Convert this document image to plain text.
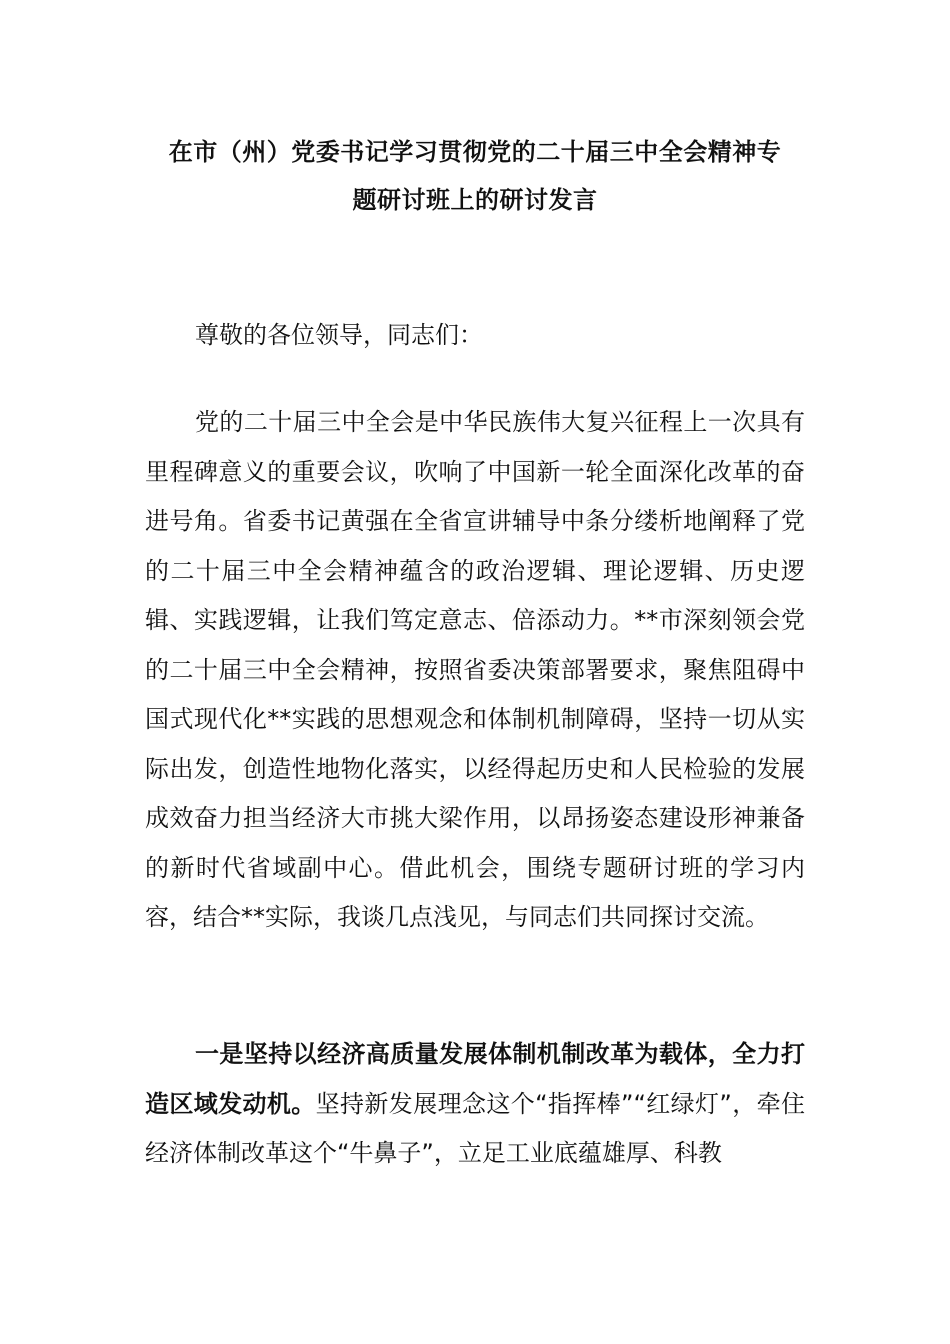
在市（州）党委书记学习贯彻党的二十届三中全会精神专
题研讨班上的研讨发言

尊敬的各位领导，同志们：

党的二十届三中全会是中华民族伟大复兴征程上一次具有里程碑意义的重要会议，吹响了中国新一轮全面深化改革的奋进号角。省委书记黄强在全省宣讲辅导中条分缕析地阐释了党的二十届三中全会精神蕴含的政治逻辑、理论逻辑、历史逻辑、实践逻辑，让我们笃定意志、倍添动力。**市深刻领会党的二十届三中全会精神，按照省委决策部署要求，聚焦阻碍中国式现代化**实践的思想观念和体制机制障碍，坚持一切从实际出发，创造性地物化落实，以经得起历史和人民检验的发展成效奋力担当经济大市挑大梁作用，以昂扬姿态建设形神兼备的新时代省域副中心。借此机会，围绕专题研讨班的学习内容，结合**实际，我谈几点浅见，与同志们共同探讨交流。

一是坚持以经济高质量发展体制机制改革为载体，全力打造区域发动机。坚持新发展理念这个“指挥棒”“红绿灯”，牵住经济体制改革这个“牛鼻子”，立足工业底蕴雄厚、科教
